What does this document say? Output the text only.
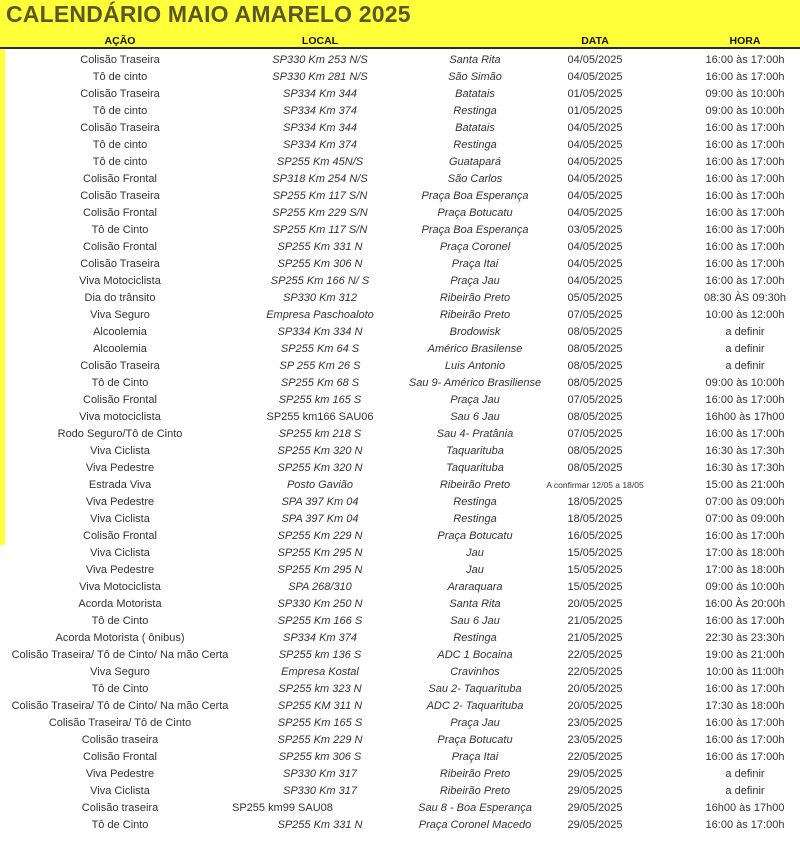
CALENDÁRIO MAIO AMARELO 2025
AÇÃO	LOCAL	DATA	HORA
Colisão Traseira	SP330 Km 253 N/S	Santa Rita	04/05/2025	16:00 às 17:00h
Tô de cinto	SP330 Km 281 N/S	São Simão	04/05/2025	16:00 às 17:00h
Colisão Traseira	SP334 Km 344	Batatais	01/05/2025	09:00 às 10:00h
Tô de cinto	SP334 Km 374	Restinga	01/05/2025	09:00 às 10:00h
Colisão Traseira	SP334 Km 344	Batatais	04/05/2025	16:00 às 17:00h
Tô de cinto	SP334 Km 374	Restinga	04/05/2025	16:00 às 17:00h
Tô de cinto	SP255 Km 45N/S	Guatapará	04/05/2025	16:00 às 17:00h
Colisão Frontal	SP318 Km 254 N/S	São Carlos	04/05/2025	16:00 às 17:00h
Colisão Traseira	SP255 Km 117 S/N	Praça Boa Esperança	04/05/2025	16:00 às 17:00h
Colisão Frontal	SP255 Km 229 S/N	Praça Botucatu	04/05/2025	16:00 às 17:00h
Tô de Cinto	SP255 Km 117 S/N	Praça Boa Esperança	03/05/2025	16:00 às 17:00h
Colisão Frontal	SP255 Km 331 N	Praça Coronel	04/05/2025	16:00 às 17:00h
Colisão Traseira	SP255 Km 306 N	Praça Itai	04/05/2025	16:00 às 17:00h
Viva Motociclista	SP255 Km 166 N/ S	Praça Jau	04/05/2025	16:00 às 17:00h
Dia do trânsito	SP330 Km 312	Ribeirão Preto	05/05/2025	08:30 ÀS 09:30h
Viva Seguro	Empresa Paschoaloto	Ribeirão Preto	07/05/2025	10:00 às 12:00h
Alcoolemia	SP334 Km 334 N	Brodowisk	08/05/2025	a definir
Alcoolemia	SP255 Km 64 S	Américo Brasilense	08/05/2025	a definir
Colisão Traseira	SP 255 Km 26 S	Luis Antonio	08/05/2025	a definir
Tô de Cinto	SP255 Km 68 S	Sau 9- Américo Brasiliense	08/05/2025	09:00 às 10:00h
Colisão Frontal	SP255 km 165 S	Praça Jau	07/05/2025	16:00 às 17:00h
Viva motociclista	SP255 km166 SAU06	Sau 6 Jau	08/05/2025	16h00 às 17h00
Rodo Seguro/Tô de Cinto	SP255 km 218 S	Sau 4- Pratânia	07/05/2025	16:00 às 17:00h
Viva Ciclista	SP255 Km 320 N	Taquarituba	08/05/2025	16:30 às 17:30h
Viva Pedestre	SP255 Km 320 N	Taquarituba	08/05/2025	16:30 às 17:30h
Estrada Viva	Posto Gavião	Ribeirão Preto	A confirmar 12/05 a 18/05	15:00 às 21:00h
Viva Pedestre	SPA 397 Km 04	Restinga	18/05/2025	07:00 às 09:00h
Viva Ciclista	SPA 397 Km 04	Restinga	18/05/2025	07:00 às 09:00h
Colisão Frontal	SP255 Km 229 N	Praça Botucatu	16/05/2025	16:00 às 17:00h
Viva Ciclista	SP255 Km 295 N	Jau	15/05/2025	17:00 às 18:00h
Viva Pedestre	SP255 Km 295 N	Jau	15/05/2025	17:00 às 18:00h
Viva Motociclista	SPA 268/310	Araraquara	15/05/2025	09:00 ás 10:00h
Acorda Motorista	SP330 Km 250 N	Santa Rita	20/05/2025	16:00 Às 20:00h
Tô de Cinto	SP255 Km 166 S	Sau 6 Jau	21/05/2025	16:00 às 17:00h
Acorda Motorista ( ônibus)	SP334 Km 374	Restinga	21/05/2025	22:30 às 23:30h
Colisão Traseira/ Tô de Cinto/ Na mão Certa	SP255 km 136 S	ADC 1 Bocaina	22/05/2025	19:00 às 21:00h
Viva Seguro	Empresa Kostal	Cravinhos	22/05/2025	10:00 às 11:00h
Tô de Cinto	SP255 km 323 N	Sau 2- Taquarituba	20/05/2025	16:00 às 17:00h
Colisão Traseira/ Tô de Cinto/ Na mão Certa	SP255 KM 311 N	ADC 2- Taquarituba	20/05/2025	17:30 às 18:00h
Colisão Traseira/ Tô de Cinto	SP255 Km 165 S	Praça Jau	23/05/2025	16:00 às 17:00h
Colisão traseira	SP255 Km 229 N	Praça Botucatu	23/05/2025	16:00 ás 17:00h
Colisão Frontal	SP255 km 306 S	Praça Itai	22/05/2025	16:00 ás 17:00h
Viva Pedestre	SP330 Km 317	Ribeirão Preto	29/05/2025	a definir
Viva Ciclista	SP330 Km 317	Ribeirão Preto	29/05/2025	a definir
Colisão traseira	SP255 km99 SAU08	Sau 8 - Boa Esperança	29/05/2025	16h00 às 17h00
Tô de Cinto	SP255 Km 331 N	Praça Coronel Macedo	29/05/2025	16:00 às 17:00h
